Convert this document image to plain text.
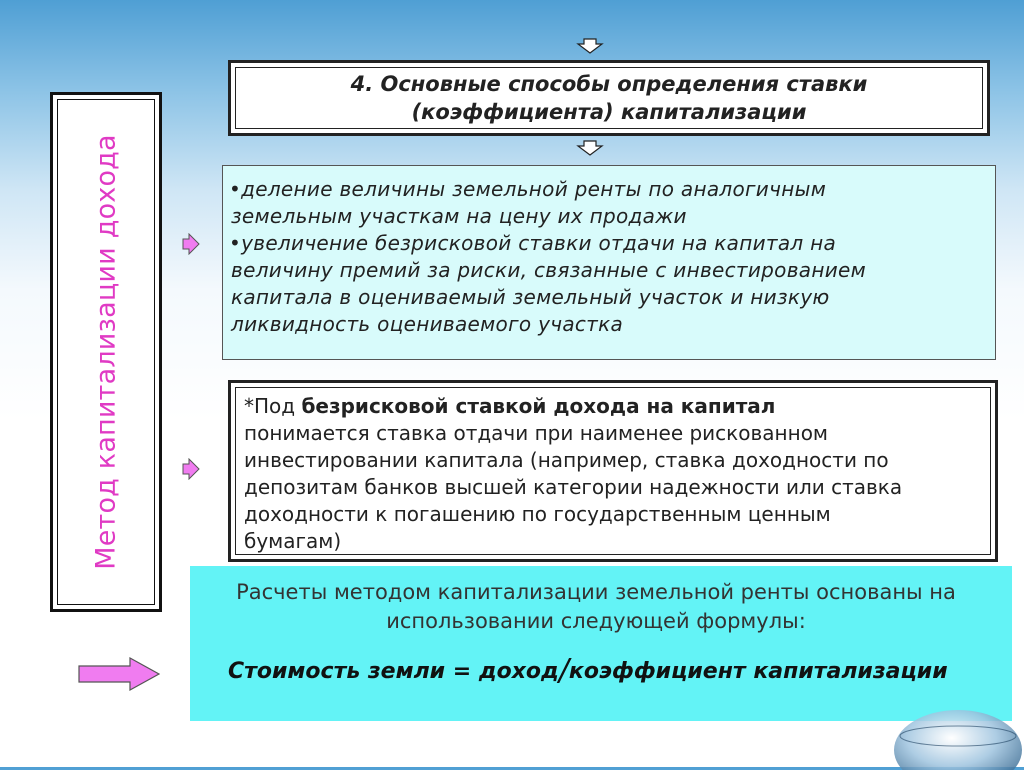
Метод капитализации дохода
4. Основные способы определения ставки
(коэффициента) капитализации
•деление величины земельной ренты по аналогичным
земельным участкам на цену их продажи
•увеличение безрисковой ставки отдачи на капитал на
величину премий за риски, связанные с инвестированием
капитала в оцениваемый земельный участок и низкую
ликвидность оцениваемого участка
*Под безрисковой ставкой дохода на капитал
понимается ставка отдачи при наименее рискованном
инвестировании капитала (например, ставка доходности по
депозитам банков высшей категории надежности или ставка
доходности к погашению по государственным ценным
бумагам)
Расчеты методом капитализации земельной ренты основаны на
использовании следующей формулы:
Стоимость земли = доход/коэффициент капитализации
